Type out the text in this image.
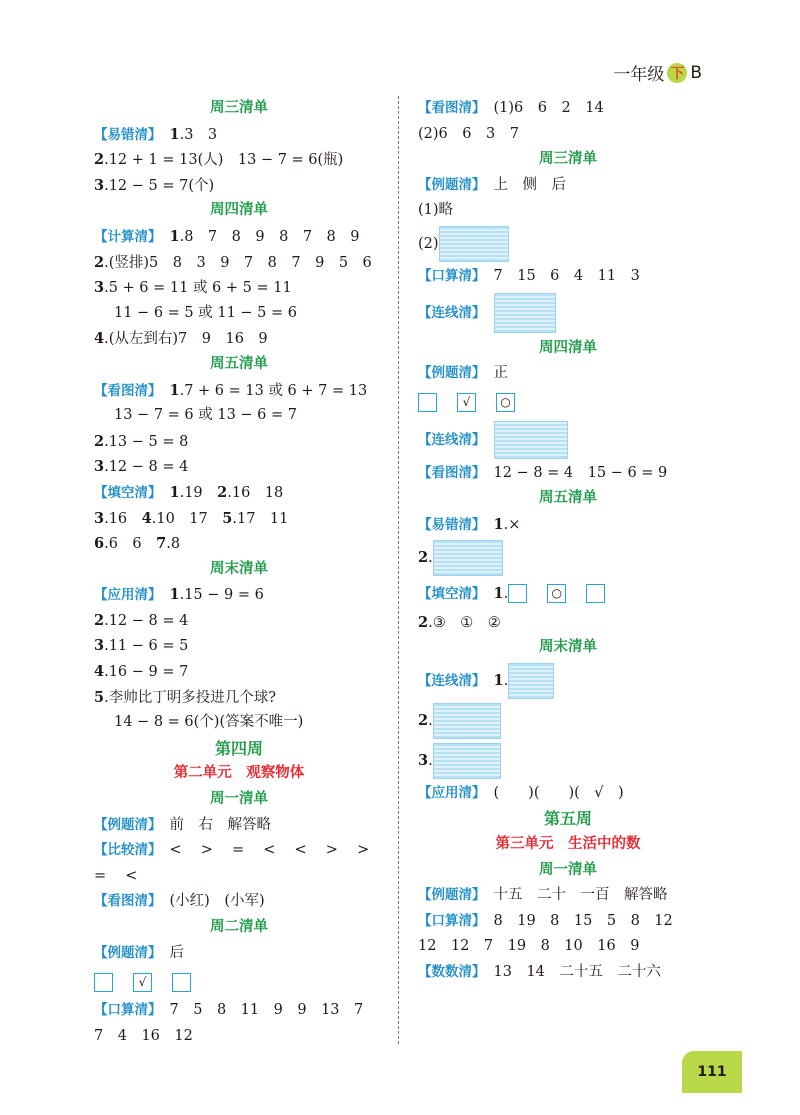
一年级 下 B
周三清单
【易错清】 1.3　3
2.12 + 1 = 13(人)　13 − 7 = 6(瓶)
3.12 − 5 = 7(个)
周四清单
【计算清】 1.8　7　8　9　8　7　8　9
2.(竖排)5　8　3　9　7　8　7　9　5　6
3.5 + 6 = 11 或 6 + 5 = 11
11 − 6 = 5 或 11 − 5 = 6
4.(从左到右)7　9　16　9
周五清单
【看图清】 1.7 + 6 = 13 或 6 + 7 = 13
13 − 7 = 6 或 13 − 6 = 7
2.13 − 5 = 8
3.12 − 8 = 4
【填空清】 1.19　2.16　18
3.16　4.10　17　5.17　11
6.6　6　7.8
周末清单
【应用清】 1.15 − 9 = 6
2.12 − 8 = 4
3.11 − 6 = 5
4.16 − 9 = 7
5.李帅比丁明多投进几个球?
14 − 8 = 6(个)(答案不唯一)
第四周
第二单元　观察物体
周一清单
【例题清】 前　右　解答略
【比较清】 <　 >　 =　 <　 <　 >　 >
=　 <
【看图清】 (小红)　(小军)
周二清单
【例题清】 后
√
【口算清】 7　5　8　11　9　9　13　7
7　4　16　12
【看图清】 (1)6　6　2　14
(2)6　6　3　7
周三清单
【例题清】 上　侧　后
(1)略
(2)
【口算清】 7　15　6　4　11　3
【连线清】
周四清单
【例题清】 正
√ ○
【连线清】
【看图清】 12 − 8 = 4　15 − 6 = 9
周五清单
【易错清】 1.×
2.
【填空清】 1.	○
2.③　①　②
周末清单
【连线清】 1.
2.
3.
【应用清】 (　　)(　　)(　√　)
第五周
第三单元　生活中的数
周一清单
【例题清】 十五　二十　一百　解答略
【口算清】 8　19　8　15　5　8　12
12　12　7　19　8　10　16　9
【数数清】 13　14　二十五　二十六
111
